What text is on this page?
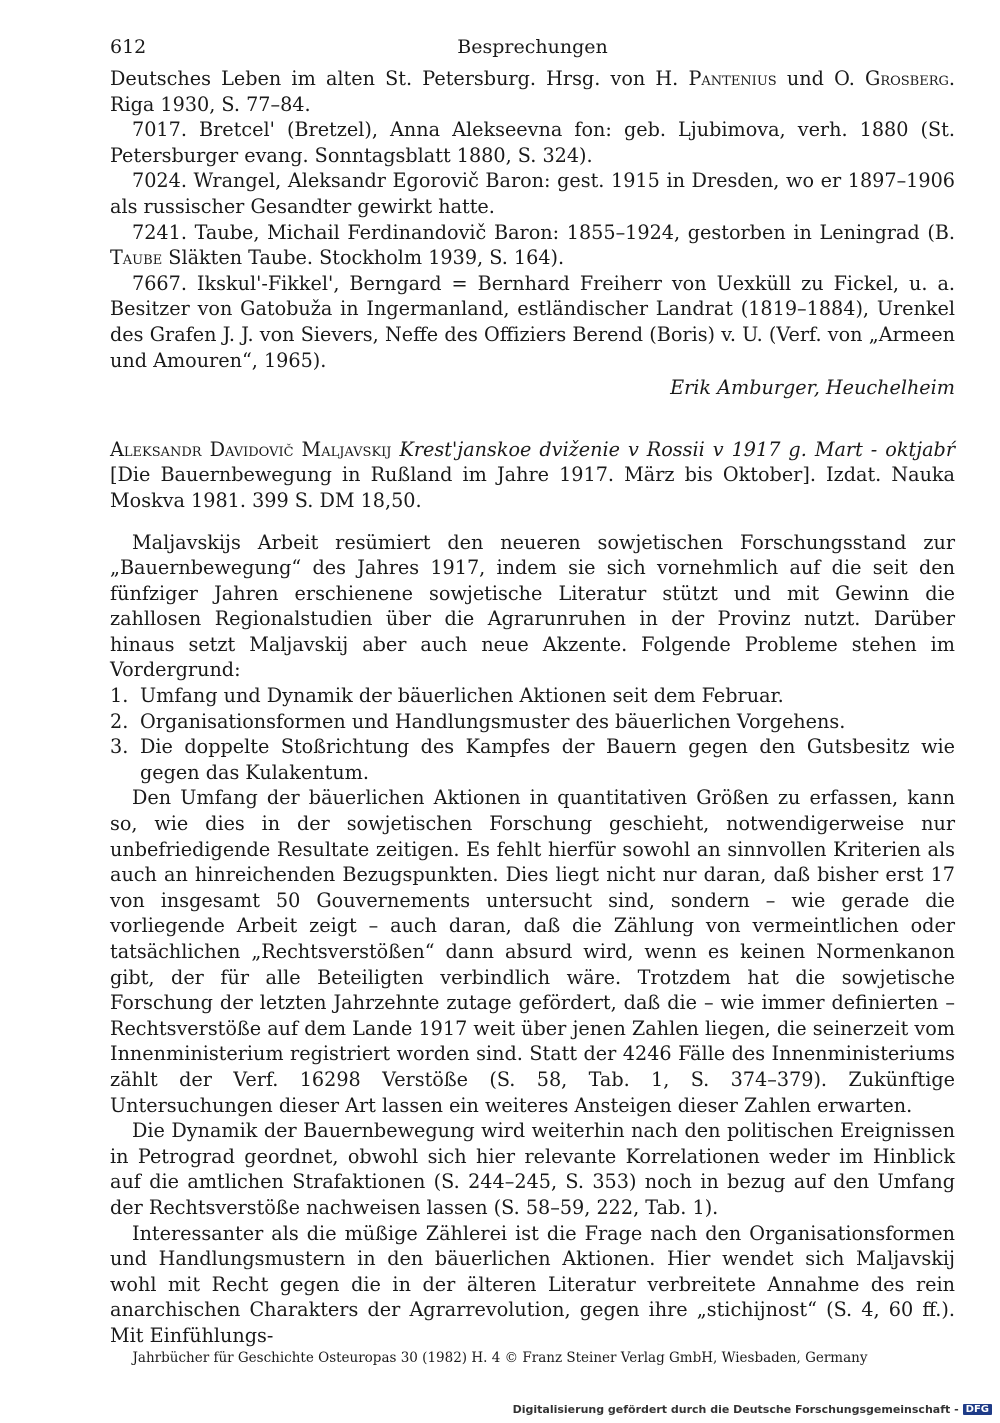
612	Besprechungen

Deutsches Leben im alten St. Petersburg. Hrsg. von H. Pantenius und O. Grosberg. Riga 1930, S. 77–84.

7017. Bretcel' (Bretzel), Anna Alekseevna fon: geb. Ljubimova, verh. 1880 (St. Petersburger evang. Sonntagsblatt 1880, S. 324).

7024. Wrangel, Aleksandr Egorovič Baron: gest. 1915 in Dresden, wo er 1897–1906 als russischer Gesandter gewirkt hatte.

7241. Taube, Michail Ferdinandovič Baron: 1855–1924, gestorben in Leningrad (B. Taube Släkten Taube. Stockholm 1939, S. 164).

7667. Ikskul'-Fikkel', Berngard = Bernhard Freiherr von Uexküll zu Fickel, u. a. Besitzer von Gatobuža in Ingermanland, estländischer Landrat (1819–1884), Urenkel des Grafen J. J. von Sievers, Neffe des Offiziers Berend (Boris) v. U. (Verf. von „Armeen und Amouren“, 1965).

Erik Amburger, Heuchelheim

Aleksandr Davidovič Maljavskij Krest'janskoe dviženie v Rossii v 1917 g. Mart - oktjabŕ [Die Bauernbewegung in Rußland im Jahre 1917. März bis Oktober]. Izdat. Nauka Moskva 1981. 399 S. DM 18,50.

Maljavskijs Arbeit resümiert den neueren sowjetischen Forschungsstand zur „Bauernbewegung“ des Jahres 1917, indem sie sich vornehmlich auf die seit den fünfziger Jahren erschienene sowjetische Literatur stützt und mit Gewinn die zahllosen Regionalstudien über die Agrarunruhen in der Provinz nutzt. Darüber hinaus setzt Maljavskij aber auch neue Akzente. Folgende Probleme stehen im Vordergrund:

1. Umfang und Dynamik der bäuerlichen Aktionen seit dem Februar.
2. Organisationsformen und Handlungsmuster des bäuerlichen Vorgehens.
3. Die doppelte Stoßrichtung des Kampfes der Bauern gegen den Gutsbesitz wie gegen das Kulakentum.

Den Umfang der bäuerlichen Aktionen in quantitativen Größen zu erfassen, kann so, wie dies in der sowjetischen Forschung geschieht, notwendigerweise nur unbefriedigende Resultate zeitigen. Es fehlt hierfür sowohl an sinnvollen Kriterien als auch an hinreichenden Bezugspunkten. Dies liegt nicht nur daran, daß bisher erst 17 von insgesamt 50 Gouvernements untersucht sind, sondern – wie gerade die vorliegende Arbeit zeigt – auch daran, daß die Zählung von vermeintlichen oder tatsächlichen „Rechtsverstößen“ dann absurd wird, wenn es keinen Normenkanon gibt, der für alle Beteiligten verbindlich wäre. Trotzdem hat die sowjetische Forschung der letzten Jahrzehnte zutage gefördert, daß die – wie immer definierten – Rechtsverstöße auf dem Lande 1917 weit über jenen Zahlen liegen, die seinerzeit vom Innenministerium registriert worden sind. Statt der 4246 Fälle des Innenministeriums zählt der Verf. 16298 Verstöße (S. 58, Tab. 1, S. 374–379). Zukünftige Untersuchungen dieser Art lassen ein weiteres Ansteigen dieser Zahlen erwarten.

Die Dynamik der Bauernbewegung wird weiterhin nach den politischen Ereignissen in Petrograd geordnet, obwohl sich hier relevante Korrelationen weder im Hinblick auf die amtlichen Strafaktionen (S. 244–245, S. 353) noch in bezug auf den Umfang der Rechtsverstöße nachweisen lassen (S. 58–59, 222, Tab. 1).

Interessanter als die müßige Zählerei ist die Frage nach den Organisationsformen und Handlungsmustern in den bäuerlichen Aktionen. Hier wendet sich Maljavskij wohl mit Recht gegen die in der älteren Literatur verbreitete Annahme des rein anarchischen Charakters der Agrarrevolution, gegen ihre „stichijnost“ (S. 4, 60 ff.). Mit Einfühlungs-

Jahrbücher für Geschichte Osteuropas 30 (1982) H. 4 © Franz Steiner Verlag GmbH, Wiesbaden, Germany
Digitalisierung gefördert durch die Deutsche Forschungsgemeinschaft - DFG
